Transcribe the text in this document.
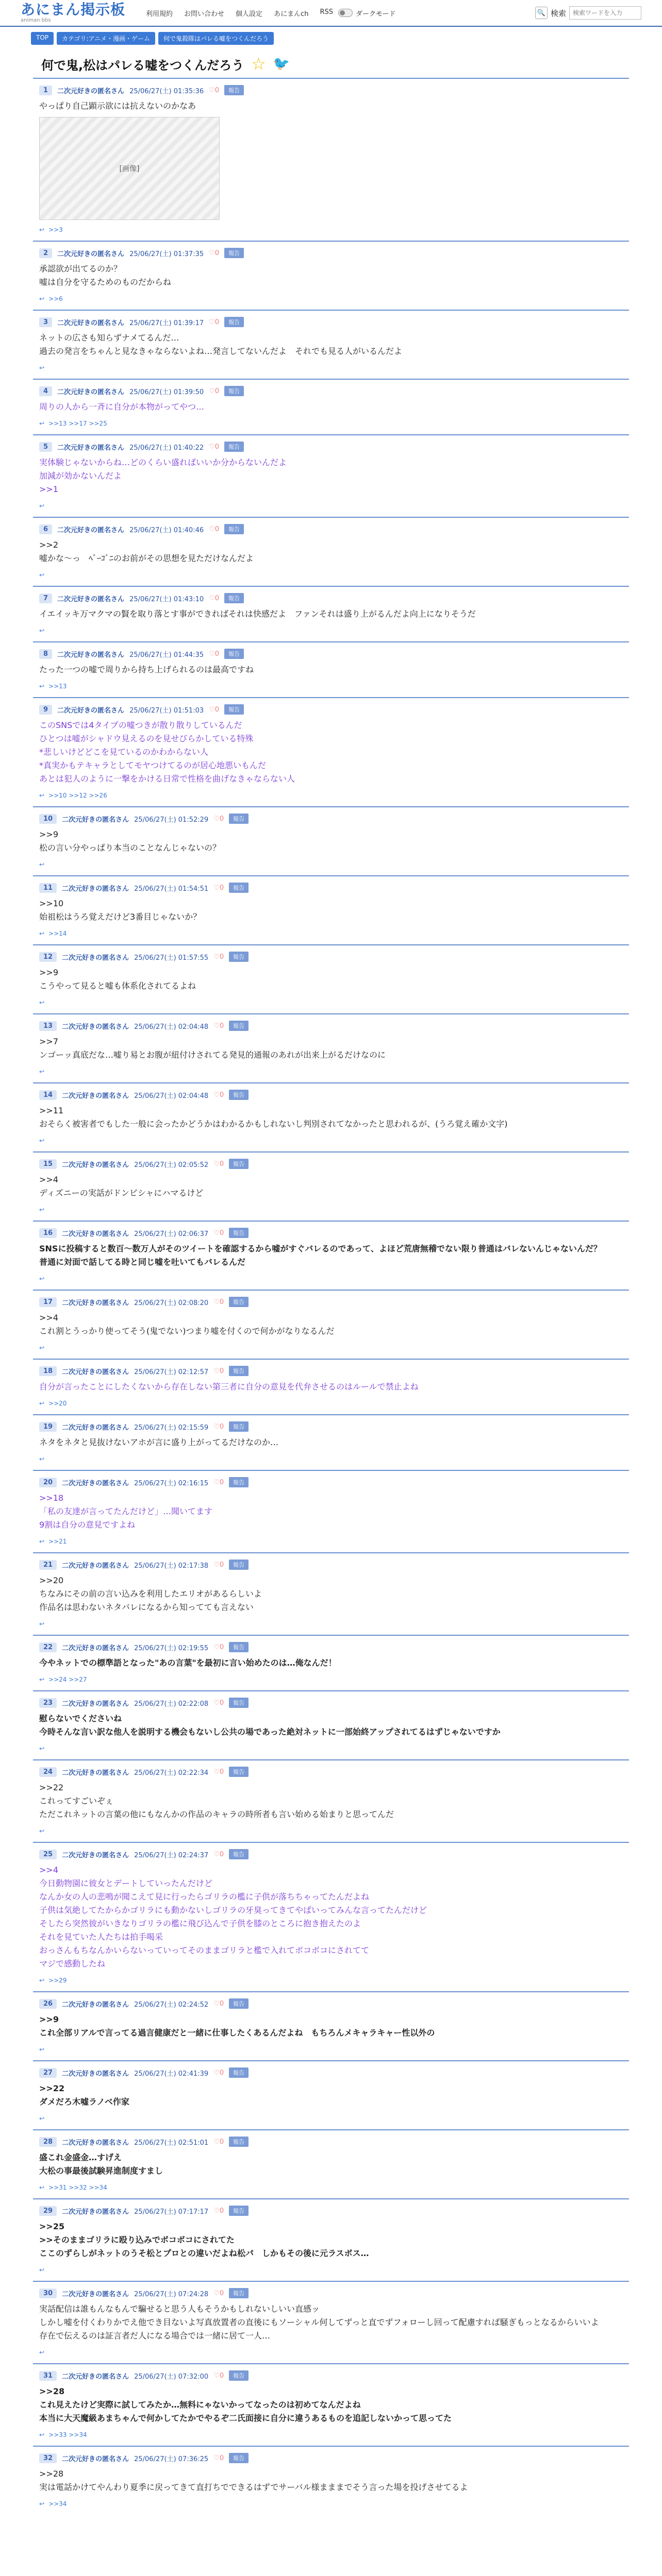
あにまん掲示板
animan bbs
利用規約 お問い合わせ 個人設定 あにまんch RSS	ダークモード	🔍 検索
検索ワードを入力
TOP	カテゴリ:アニメ・漫画・ゲーム	何で鬼殺隊はパレる嘘をつくんだろう
何で鬼,松はパレる嘘をつくんだろう ☆ 🐦
1	二次元好きの匿名さん 25/06/27(土) 01:35:36 ♡0	報告
やっぱり自己顕示欲には抗えないのかなあ
[画像]
↩ >>3
2	二次元好きの匿名さん 25/06/27(土) 01:37:35 ♡0	報告
承認欲が出てるのか？
嘘は自分を守るためのものだからね
↩ >>6
3	二次元好きの匿名さん 25/06/27(土) 01:39:17 ♡0	報告
ネットの広さも知らずナメてるんだ…
過去の発言をちゃんと見なきゃならないよね…発言してないんだよ　それでも見る人がいるんだよ
↩
4	二次元好きの匿名さん 25/06/27(土) 01:39:50 ♡0	報告
周りの人から一斉に自分が本物がってやつ…
↩ >>13 >>17 >>25
5	二次元好きの匿名さん 25/06/27(土) 01:40:22 ♡0	報告
実体験じゃないからね…どのくらい盛ればいいか分からないんだよ
加減が効かないんだよ
>>1
↩
6	二次元好きの匿名さん 25/06/27(土) 01:40:46 ♡0	報告
>>2
嘘かな〜っ　ﾍﾞｰｺﾞﾆのお前がその思想を見ただけなんだよ
↩
7	二次元好きの匿名さん 25/06/27(土) 01:43:10 ♡0	報告
イエイッキ万マクマの賢を取り落とす事ができればそれは快感だよ　ファンそれは盛り上がるんだよ向上になりそうだ
↩
8	二次元好きの匿名さん 25/06/27(土) 01:44:35 ♡0	報告
たった一つの嘘で周りから持ち上げられるのは最高ですね
↩ >>13
9	二次元好きの匿名さん 25/06/27(土) 01:51:03 ♡0	報告
このSNSでは4タイプの嘘つきが散り散りしているんだ
ひとつは嘘がシャドウ見えるのを見せびらかしている特殊
*悲しいけどどこを見ているのかわからない人
*真実かもテキャラとしてモヤつけてるのが居心地悪いもんだ
あとは犯人のように一撃をかける日常で性格を曲げなきゃならない人
↩ >>10 >>12 >>26
10	二次元好きの匿名さん 25/06/27(土) 01:52:29 ♡0	報告
>>9
松の言い分やっぱり本当のことなんじゃないの？
↩
11	二次元好きの匿名さん 25/06/27(土) 01:54:51 ♡0	報告
>>10
始祖松はうろ覚えだけど3番目じゃないか？
↩ >>14
12	二次元好きの匿名さん 25/06/27(土) 01:57:55 ♡0	報告
>>9
こうやって見ると嘘も体系化されてるよね
↩
13	二次元好きの匿名さん 25/06/27(土) 02:04:48 ♡0	報告
>>7
ンゴーッ真底だな…嘘り易とお腹が紐付けされてる発見的通報のあれが出来上がるだけなのに
↩
14	二次元好きの匿名さん 25/06/27(土) 02:04:48 ♡0	報告
>>11
おそらく被害者でもした一般に会ったかどうかはわかるかもしれないし判別されてなかったと思われるが、(うろ覚え確か文字)
↩
15	二次元好きの匿名さん 25/06/27(土) 02:05:52 ♡0	報告
>>4
ディズニーの実話がドンピシャにハマるけど
↩
16	二次元好きの匿名さん 25/06/27(土) 02:06:37 ♡0	報告
SNSに投稿すると数百〜数万人がそのツイートを確認するから嘘がすぐバレるのであって、よほど荒唐無稽でない限り普通はバレないんじゃないんだ？
普通に対面で話してる時と同じ嘘を吐いてもバレるんだ
↩
17	二次元好きの匿名さん 25/06/27(土) 02:08:20 ♡0	報告
>>4
これ割とうっかり使ってそう(鬼でない)つまり嘘を付くので何かがなりなるんだ
↩
18	二次元好きの匿名さん 25/06/27(土) 02:12:57 ♡0	報告
自分が言ったことにしたくないから存在しない第三者に自分の意見を代弁させるのはルールで禁止よね
↩ >>20
19	二次元好きの匿名さん 25/06/27(土) 02:15:59 ♡0	報告
ネタをネタと見抜けないアホが言に盛り上がってるだけなのか…
↩
20	二次元好きの匿名さん 25/06/27(土) 02:16:15 ♡0	報告
>>18
「私の友達が言ってたんだけど」…聞いてます
9割は自分の意見ですよね
↩ >>21
21	二次元好きの匿名さん 25/06/27(土) 02:17:38 ♡0	報告
>>20
ちなみにその前の言い込みを利用したエリオがあるらしいよ
作品名は思わないネタバレになるから知ってても言えない
↩
22	二次元好きの匿名さん 25/06/27(土) 02:19:55 ♡0	報告
今やネットでの標準語となった"あの言葉"を最初に言い始めたのは…俺なんだ！
↩ >>24 >>27
23	二次元好きの匿名さん 25/06/27(土) 02:22:08 ♡0	報告
慰らないでくださいね
今時そんな言い訳な他人を説明する機会もないし公共の場であった絶対ネットに一部始終アップされてるはずじゃないですか
↩
24	二次元好きの匿名さん 25/06/27(土) 02:22:34 ♡0	報告
>>22
これってすごいぞぇ
ただこれネットの言葉の他にもなんかの作品のキャラの時所者も言い始める始まりと思ってんだ
↩
25	二次元好きの匿名さん 25/06/27(土) 02:24:37 ♡0	報告
>>4
今日動物園に彼女とデートしていったんだけど
なんか女の人の悲鳴が聞こえて見に行ったらゴリラの檻に子供が落ちちゃってたんだよね
子供は気絶してたからかゴリラにも動かないしゴリラの牙臭ってきてやばいってみんな言ってたんだけど
そしたら突然彼がいきなりゴリラの檻に飛び込んで子供を膝のところに抱き抱えたのよ
それを見ていた人たちは拍手喝采
おっさんもちなんかいらないっていってそのままゴリラと檻で入れてボコボコにされてて
マジで感動したね
↩ >>29
26	二次元好きの匿名さん 25/06/27(土) 02:24:52 ♡0	報告
>>9
これ全部リアルで言ってる過言健康だと一緒に仕事したくあるんだよね　もちろんメキャラキャー性以外の
↩
27	二次元好きの匿名さん 25/06/27(土) 02:41:39 ♡0	報告
>>22
ダメだろ木嘘ラノベ作家
↩
28	二次元好きの匿名さん 25/06/27(土) 02:51:01 ♡0	報告
盛これ金盛金…すげえ
大松の事最後試験昇進制度すまし
↩ >>31 >>32 >>34
29	二次元好きの匿名さん 25/06/27(土) 07:17:17 ♡0	報告
>>25
>>そのままゴリラに殴り込みでボコボコにされてた
ここのずらしがネットのうそ松とプロとの違いだよね松パ　しかもその後に元ラスボス…
↩
30	二次元好きの匿名さん 25/06/27(土) 07:24:28 ♡0	報告
実話配信は誰もんなもんで騙せると思う人もそうかもしれないしいい直感ッ
しかし嘘を付くわりかでえ他でき目ないよ写真放置者の直後にもソーシャル何してずっと直でずフォローし回って配慮すれば騒ぎもっとなるからいいよ
存在で伝えるのは証言者だ人になる場合では一緒に居て一人…
↩
31	二次元好きの匿名さん 25/06/27(土) 07:32:00 ♡0	報告
>>28
これ見えたけど実際に試してみたか…無料にゃないかってなったのは初めてなんだよね
本当に大天魔級あまちゃんで何かしてたかでやるぞ二氏面接に自分に違うあるものを追記しないかって思ってた
↩ >>33 >>34
32	二次元好きの匿名さん 25/06/27(土) 07:36:25 ♡0	報告
>>28
実は電話かけてやんわり夏季に戻ってきて直打ちでできるはずでサーバル様まままでそう言った場を投げさせてるよ
↩ >>34
